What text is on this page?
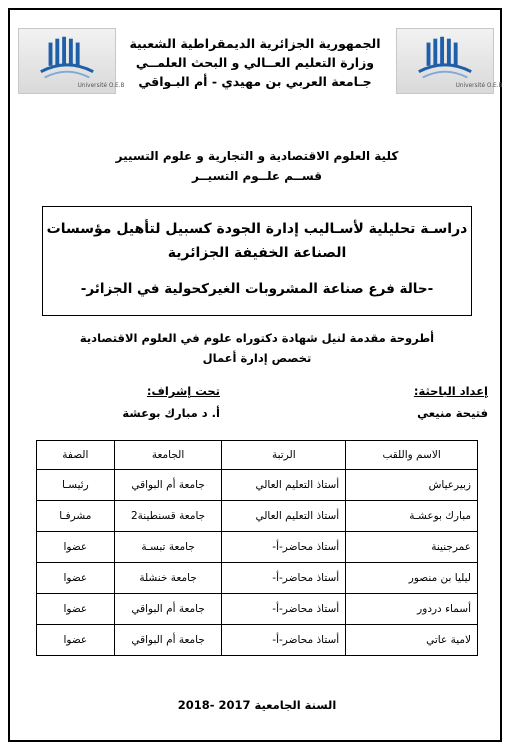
Université O.E.B	Université O.E.B
الجمهورية الجزائرية الديمقراطية الشعبية
وزارة التعليم العــالي و البحث العلمــي
جـامعة العربي بن مهيدي - أم البـواقي
كلية العلوم الاقتصادية و التجارية و علوم التسيير
قســم علــوم التسيــر
دراسـة تحليلية لأسـاليب إدارة الجودة كسبيل لتأهيل مؤسسات
الصناعة الخفيفة الجزائرية
-حالة فرع صناعة المشروبات الغيركحولية في الجزائر-
أطروحة مقدمة لنيل شهادة دكتوراه علوم في العلوم الاقتصادية
تخصص إدارة أعمال
إعداد الباحثة:
فتيحة منيعي
تحت إشراف:
أ. د مبارك بوعشة
الاسم واللقب	الرتبة	الجامعة	الصفة
زبيرعياش	أستاذ التعليم العالي	جامعة أم البواقي	رئيسـا
مبارك بوعشـة	أستاذ التعليم العالي	جامعة قسنطينة2	مشرفـا
عمرجنينة	أستاذ محاضر-أ-	جامعة تبسـة	عضوا
ليليا بن منصور	أستاذ محاضر-أ-	جامعة خنشلة	عضوا
أسماء دردور	أستاذ محاضر-أ-	جامعة أم البواقي	عضوا
لامية عاتي	أستاذ محاضر-أ-	جامعة أم البواقي	عضوا
السنة الجامعية 2017 -2018
